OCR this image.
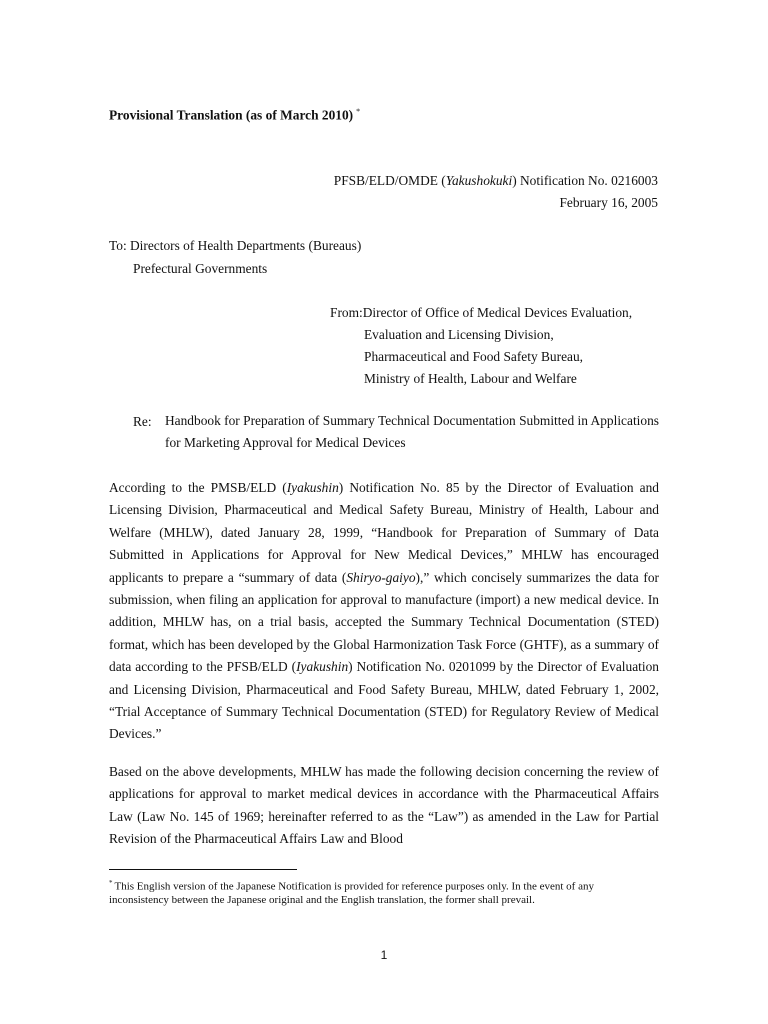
Provisional Translation (as of March 2010) *
PFSB/ELD/OMDE (Yakushokuki) Notification No. 0216003
February 16, 2005
To: Directors of Health Departments (Bureaus)
Prefectural Governments
From:Director of Office of Medical Devices Evaluation,
Evaluation and Licensing Division,
Pharmaceutical and Food Safety Bureau,
Ministry of Health, Labour and Welfare
Re: Handbook for Preparation of Summary Technical Documentation Submitted in Applications for Marketing Approval for Medical Devices

According to the PMSB/ELD (Iyakushin) Notification No. 85 by the Director of Evaluation and Licensing Division, Pharmaceutical and Medical Safety Bureau, Ministry of Health, Labour and Welfare (MHLW), dated January 28, 1999, “Handbook for Preparation of Summary of Data Submitted in Applications for Approval for New Medical Devices,” MHLW has encouraged applicants to prepare a “summary of data (Shiryo-gaiyo),” which concisely summarizes the data for submission, when filing an application for approval to manufacture (import) a new medical device. In addition, MHLW has, on a trial basis, accepted the Summary Technical Documentation (STED) format, which has been developed by the Global Harmonization Task Force (GHTF), as a summary of data according to the PFSB/ELD (Iyakushin) Notification No. 0201099 by the Director of Evaluation and Licensing Division, Pharmaceutical and Food Safety Bureau, MHLW, dated February 1, 2002, “Trial Acceptance of Summary Technical Documentation (STED) for Regulatory Review of Medical Devices.”

Based on the above developments, MHLW has made the following decision concerning the review of applications for approval to market medical devices in accordance with the Pharmaceutical Affairs Law (Law No. 145 of 1969; hereinafter referred to as the “Law”) as amended in the Law for Partial Revision of the Pharmaceutical Affairs Law and Blood

* This English version of the Japanese Notification is provided for reference purposes only. In the event of any inconsistency between the Japanese original and the English translation, the former shall prevail.
1
